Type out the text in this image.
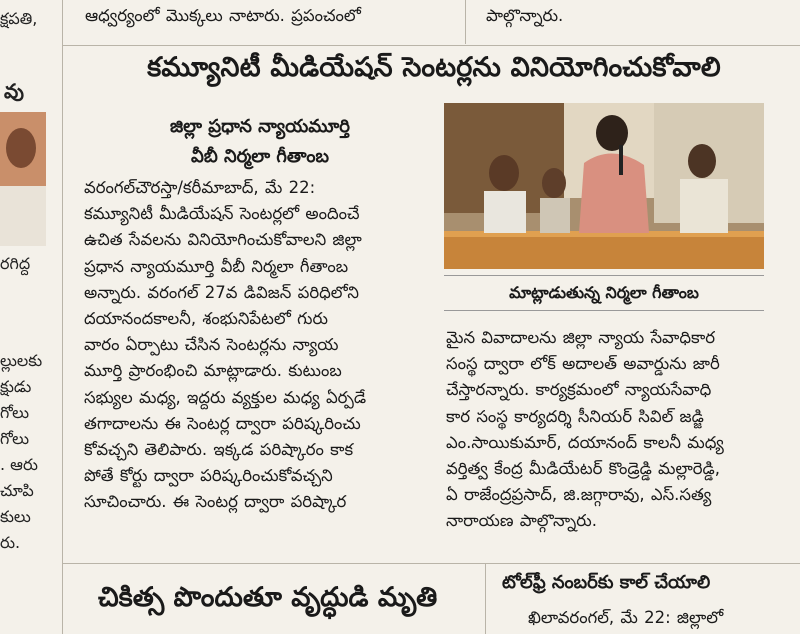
ఆధ్వర్యంలో మొక్కలు నాటారు. ప్రపంచంలో	పాల్గొన్నారు.
క్షపతి,
వు
రగిద్ద
ల్లులకు
క్షుడు
గోలు
గోలు
. ఆరు
చూపి
కులు
రు.
కమ్యూనిటీ మీడియేషన్ సెంటర్లను వినియోగించుకోవాలి
జిల్లా ప్రధాన న్యాయమూర్తి
వీబీ నిర్మలా గీతాంబ
వరంగల్‌చౌరస్తా/కరీమాబాద్, మే 22:
కమ్యూనిటీ మీడియేషన్ సెంటర్లలో అందించే
ఉచిత సేవలను వినియోగించుకోవాలని జిల్లా
ప్రధాన న్యాయమూర్తి వీబీ నిర్మలా గీతాంబ
అన్నారు. వరంగల్ 27వ డివిజన్ పరిధిలోని
దయానందకాలనీ, శంభునిపేటలో గురు
వారం ఏర్పాటు చేసిన సెంటర్లను న్యాయ
మూర్తి ప్రారంభించి మాట్లాడారు. కుటుంబ
సభ్యుల మధ్య, ఇద్దరు వ్యక్తుల మధ్య ఏర్పడే
తగాదాలను ఈ సెంటర్ల ద్వారా పరిష్కరించు
కోవచ్చని తెలిపారు. ఇక్కడ పరిష్కారం కాక
పోతే కోర్టు ద్వారా పరిష్కరించుకోవచ్చని
సూచించారు. ఈ సెంటర్ల ద్వారా పరిష్కార
మాట్లాడుతున్న నిర్మలా గీతాంబ
మైన వివాదాలను జిల్లా న్యాయ సేవాధికార
సంస్థ ద్వారా లోక్ అదాలత్ అవార్డును జారీ
చేస్తారన్నారు. కార్యక్రమంలో న్యాయసేవాధి
కార సంస్థ కార్యదర్శి సీనియర్ సివిల్ జడ్జి
ఎం.సాయికుమార్, దయానంద్ కాలనీ మధ్య
వర్తిత్వ కేంద్ర మీడియేటర్ కొండ్రెడ్డి మల్లారెడ్డి,
ఏ రాజేంద్రప్రసాద్, జి.జగ్గారావు, ఎస్.సత్య
నారాయణ పాల్గొన్నారు.
చికిత్స పొందుతూ వృద్ధుడి మృతి	టోల్‌ఫ్రీ నంబర్‌కు కాల్ చేయాలి
ఖిలావరంగల్, మే 22: జిల్లాలో
